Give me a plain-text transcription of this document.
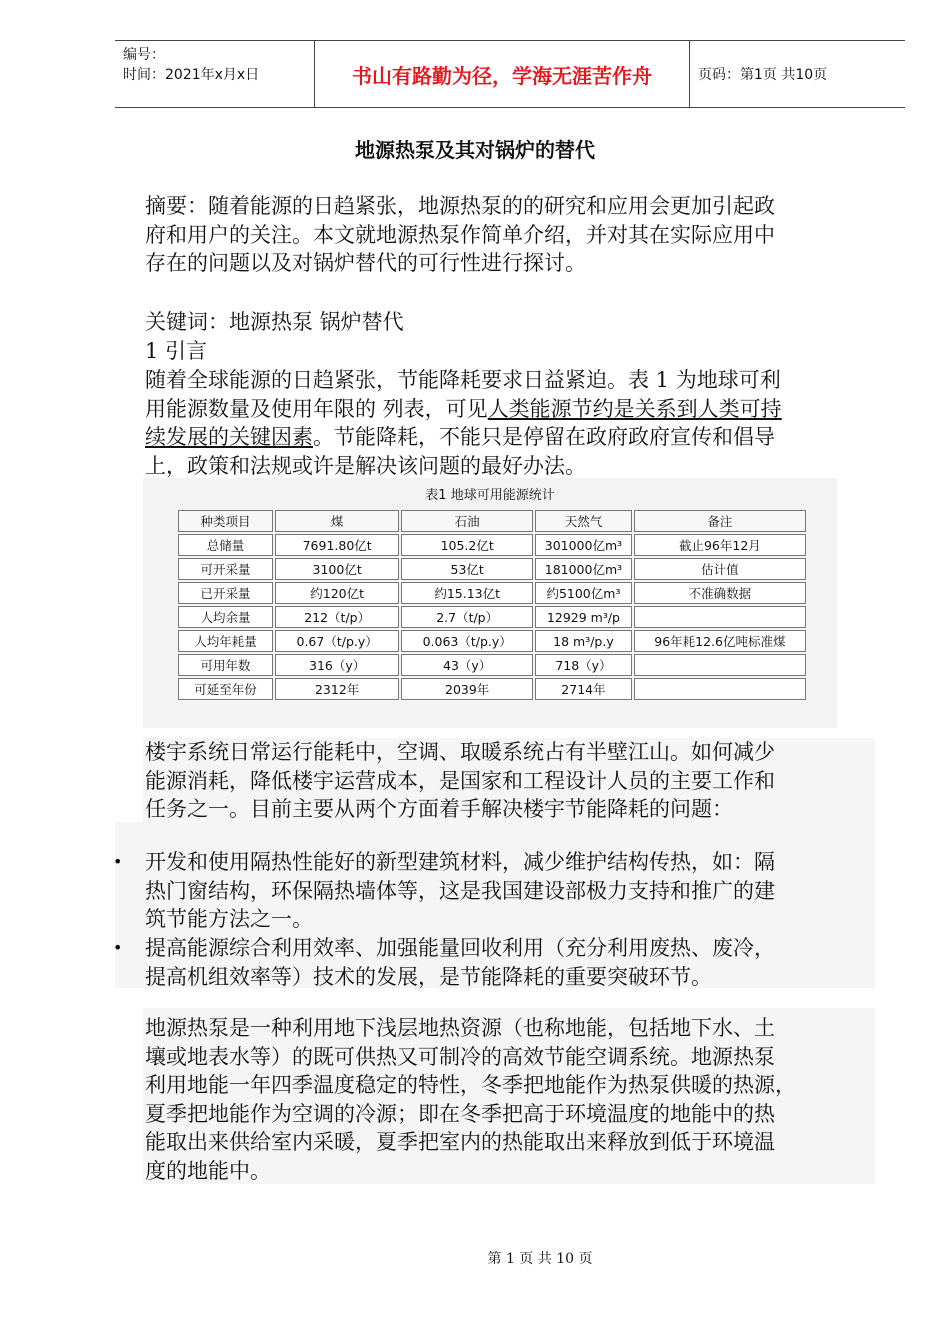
编号：
时间：2021年x月x日	书山有路勤为径，学海无涯苦作舟	页码：第1页 共10页
地源热泵及其对锅炉的替代
摘要：随着能源的日趋紧张，地源热泵的的研究和应用会更加引起政
府和用户的关注。本文就地源热泵作简单介绍，并对其在实际应用中
存在的问题以及对锅炉替代的可行性进行探讨。
关键词：地源热泵 锅炉替代
1 引言
随着全球能源的日趋紧张，节能降耗要求日益紧迫。表 1 为地球可利
用能源数量及使用年限的 列表，可见人类能源节约是关系到人类可持
续发展的关键因素。节能降耗，不能只是停留在政府政府宣传和倡导
上，政策和法规或许是解决该问题的最好办法。
表1 地球可用能源统计
种类项目	煤	石油	天然气	备注
总储量	7691.80亿t	105.2亿t	301000亿m³	截止96年12月
可开采量	3100亿t	53亿t	181000亿m³	估计值
已开采量	约120亿t	约15.13亿t	约5100亿m³	不准确数据
人均余量	212（t/p）	2.7（t/p）	12929 m³/p	
人均年耗量	0.67（t/p.y）	0.063（t/p.y）	18 m³/p.y	96年耗12.6亿吨标准煤
可用年数	316（y）	43（y）	718（y）	
可延至年份	2312年	2039年	2714年	
楼宇系统日常运行能耗中，空调、取暖系统占有半壁江山。如何减少
能源消耗，降低楼宇运营成本，是国家和工程设计人员的主要工作和
任务之一。目前主要从两个方面着手解决楼宇节能降耗的问题：
• 开发和使用隔热性能好的新型建筑材料，减少维护结构传热，如：隔
热门窗结构，环保隔热墙体等，这是我国建设部极力支持和推广的建
筑节能方法之一。
• 提高能源综合利用效率、加强能量回收利用（充分利用废热、废冷，
提高机组效率等）技术的发展，是节能降耗的重要突破环节。
地源热泵是一种利用地下浅层地热资源（也称地能，包括地下水、土
壤或地表水等）的既可供热又可制冷的高效节能空调系统。地源热泵
利用地能一年四季温度稳定的特性，冬季把地能作为热泵供暖的热源，
夏季把地能作为空调的冷源；即在冬季把高于环境温度的地能中的热
能取出来供给室内采暖，夏季把室内的热能取出来释放到低于环境温
度的地能中。
第 1 页 共 10 页
